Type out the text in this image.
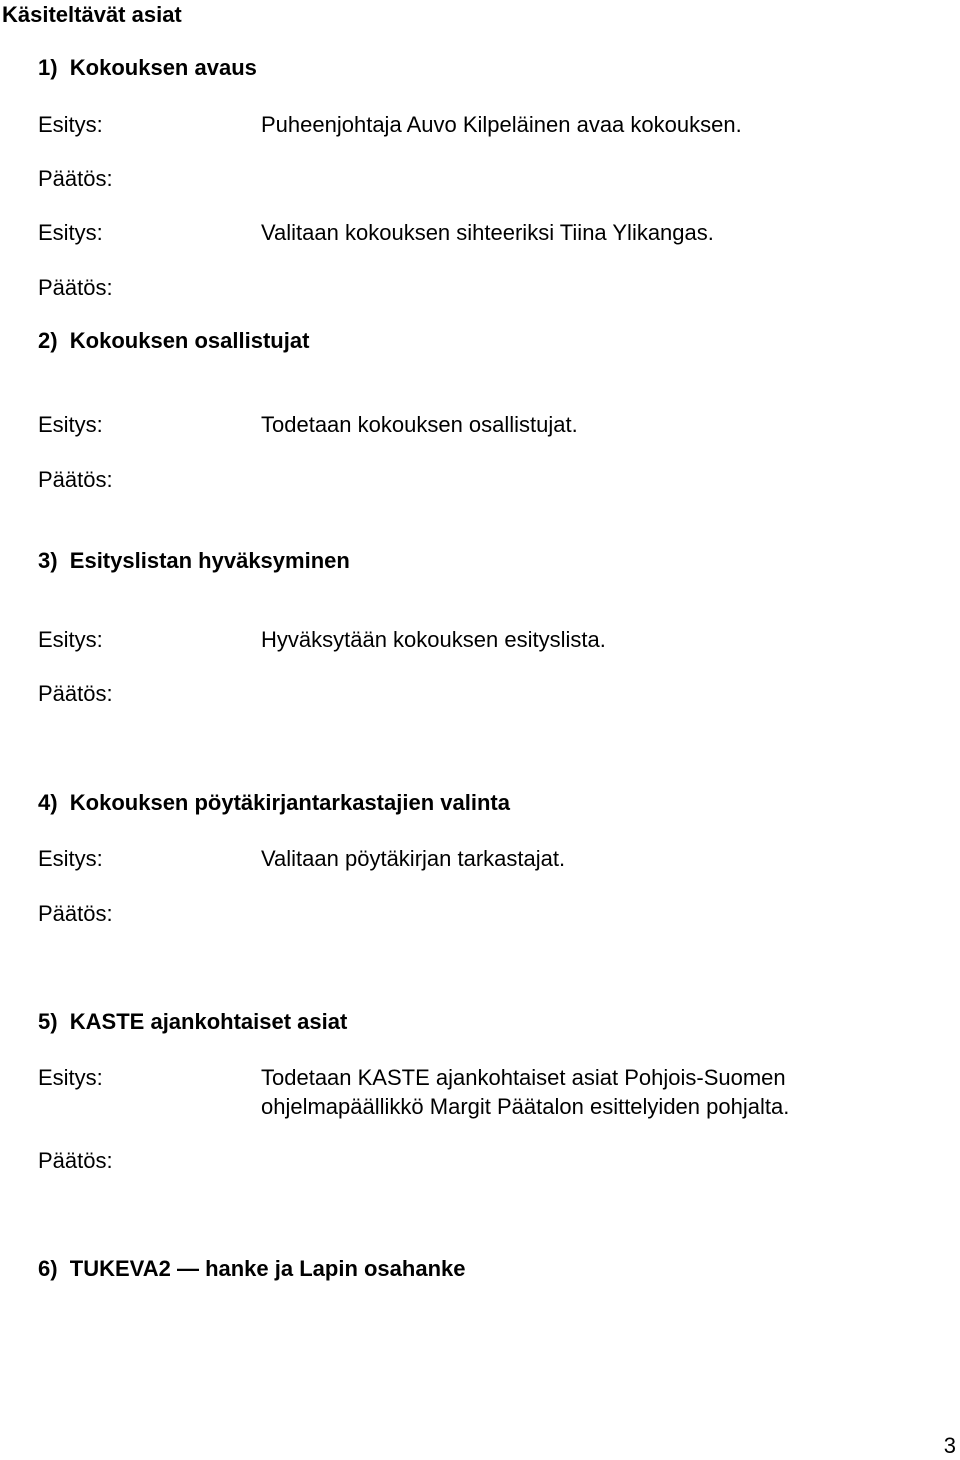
Käsiteltävät asiat
1)  Kokouksen avaus
Esitys:	Puheenjohtaja Auvo Kilpeläinen avaa kokouksen.
Päätös:
Esitys:	Valitaan kokouksen sihteeriksi Tiina Ylikangas.
Päätös:
2)  Kokouksen osallistujat
Esitys:	Todetaan kokouksen osallistujat.
Päätös:
3)  Esityslistan hyväksyminen
Esitys:	Hyväksytään kokouksen esityslista.
Päätös:
4)  Kokouksen pöytäkirjantarkastajien valinta
Esitys:	Valitaan pöytäkirjan tarkastajat.
Päätös:
5)  KASTE ajankohtaiset asiat
Esitys:	Todetaan KASTE ajankohtaiset asiat Pohjois-Suomen
ohjelmapäällikkö Margit Päätalon esittelyiden pohjalta.
Päätös:
6)  TUKEVA2 — hanke ja Lapin osahanke
3
